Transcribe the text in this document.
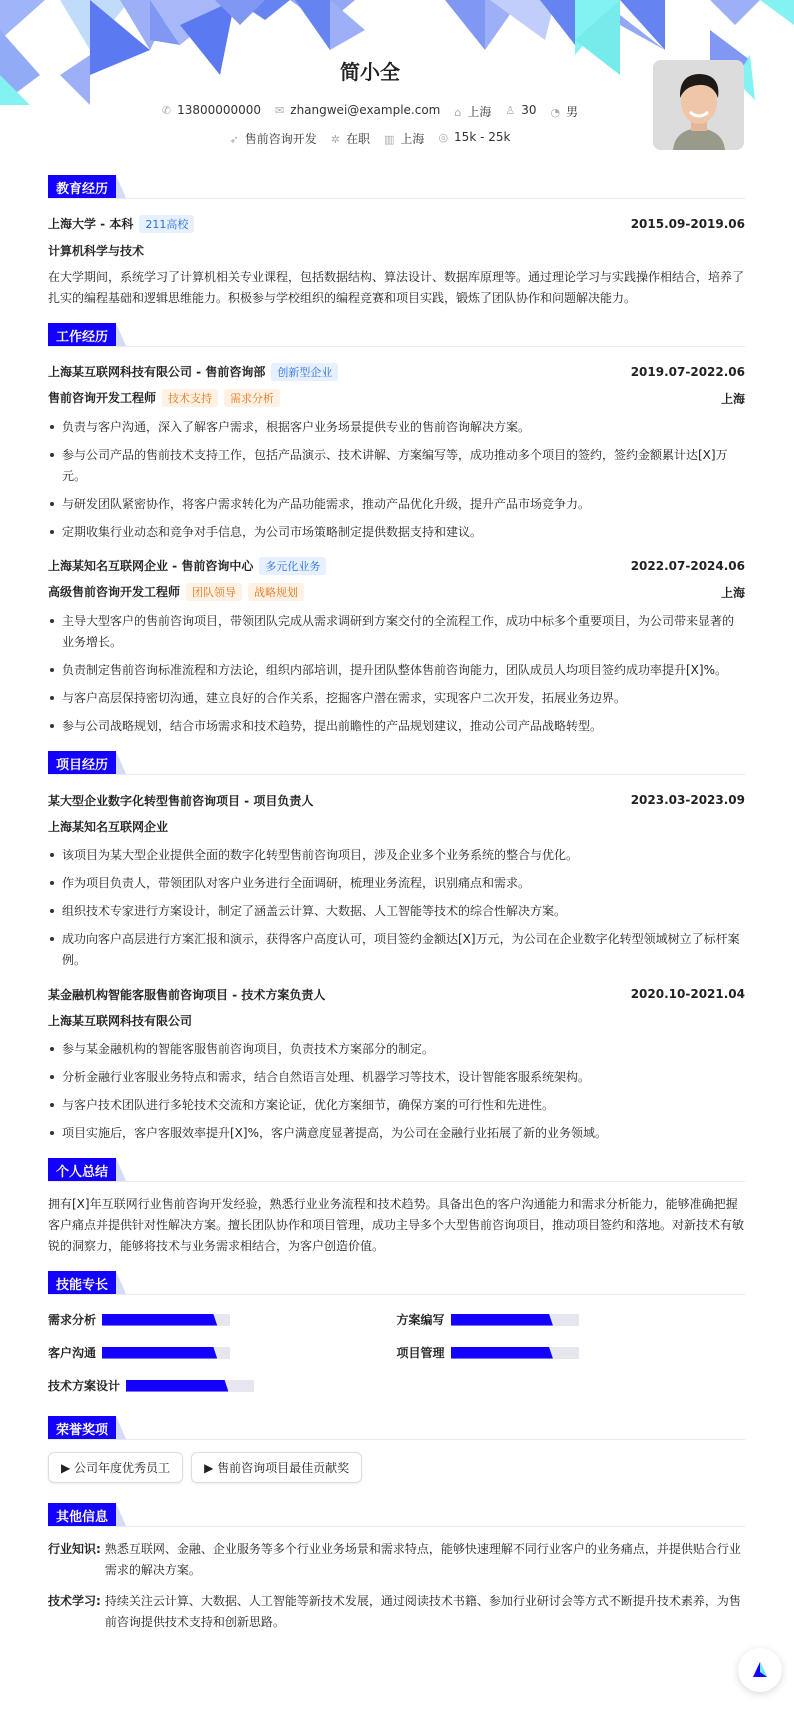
简小全
✆ 13800000000 ✉ zhangwei@example.com ⌂ 上海 ♙ 30 ◔ 男
➶ 售前咨询开发 ✲ 在职 ▥ 上海 ◎ 15k - 25k
教育经历
上海大学 - 本科 211高校	2015.09-2019.06
计算机科学与技术

在大学期间，系统学习了计算机相关专业课程，包括数据结构、算法设计、数据库原理等。通过理论学习与实践操作相结合，培养了扎实的编程基础和逻辑思维能力。积极参与学校组织的编程竞赛和项目实践，锻炼了团队协作和问题解决能力。

工作经历
上海某互联网科技有限公司 - 售前咨询部 创新型企业	2019.07-2022.06
售前咨询开发工程师 技术支持 需求分析	上海
负责与客户沟通，深入了解客户需求，根据客户业务场景提供专业的售前咨询解决方案。
参与公司产品的售前技术支持工作，包括产品演示、技术讲解、方案编写等，成功推动多个项目的签约，签约金额累计达[X]万元。
与研发团队紧密协作，将客户需求转化为产品功能需求，推动产品优化升级，提升产品市场竞争力。
定期收集行业动态和竞争对手信息，为公司市场策略制定提供数据支持和建议。
上海某知名互联网企业 - 售前咨询中心 多元化业务	2022.07-2024.06
高级售前咨询开发工程师 团队领导 战略规划	上海
主导大型客户的售前咨询项目，带领团队完成从需求调研到方案交付的全流程工作，成功中标多个重要项目，为公司带来显著的业务增长。
负责制定售前咨询标准流程和方法论，组织内部培训，提升团队整体售前咨询能力，团队成员人均项目签约成功率提升[X]%。
与客户高层保持密切沟通，建立良好的合作关系，挖掘客户潜在需求，实现客户二次开发，拓展业务边界。
参与公司战略规划，结合市场需求和技术趋势，提出前瞻性的产品规划建议，推动公司产品战略转型。
项目经历
某大型企业数字化转型售前咨询项目 - 项目负责人	2023.03-2023.09
上海某知名互联网企业
该项目为某大型企业提供全面的数字化转型售前咨询项目，涉及企业多个业务系统的整合与优化。
作为项目负责人，带领团队对客户业务进行全面调研，梳理业务流程，识别痛点和需求。
组织技术专家进行方案设计，制定了涵盖云计算、大数据、人工智能等技术的综合性解决方案。
成功向客户高层进行方案汇报和演示，获得客户高度认可，项目签约金额达[X]万元，为公司在企业数字化转型领域树立了标杆案例。
某金融机构智能客服售前咨询项目 - 技术方案负责人	2020.10-2021.04
上海某互联网科技有限公司
参与某金融机构的智能客服售前咨询项目，负责技术方案部分的制定。
分析金融行业客服业务特点和需求，结合自然语言处理、机器学习等技术，设计智能客服系统架构。
与客户技术团队进行多轮技术交流和方案论证，优化方案细节，确保方案的可行性和先进性。
项目实施后，客户客服效率提升[X]%，客户满意度显著提高，为公司在金融行业拓展了新的业务领域。
个人总结

拥有[X]年互联网行业售前咨询开发经验，熟悉行业业务流程和技术趋势。具备出色的客户沟通能力和需求分析能力，能够准确把握客户痛点并提供针对性解决方案。擅长团队协作和项目管理，成功主导多个大型售前咨询项目，推动项目签约和落地。对新技术有敏锐的洞察力，能够将技术与业务需求相结合，为客户创造价值。

技能专长
需求分析	方案编写
客户沟通	项目管理
技术方案设计
荣誉奖项
▶ 公司年度优秀员工	▶ 售前咨询项目最佳贡献奖
其他信息
行业知识: 熟悉互联网、金融、企业服务等多个行业业务场景和需求特点，能够快速理解不同行业客户的业务痛点，并提供贴合行业需求的解决方案。
技术学习: 持续关注云计算、大数据、人工智能等新技术发展，通过阅读技术书籍、参加行业研讨会等方式不断提升技术素养，为售前咨询提供技术支持和创新思路。
